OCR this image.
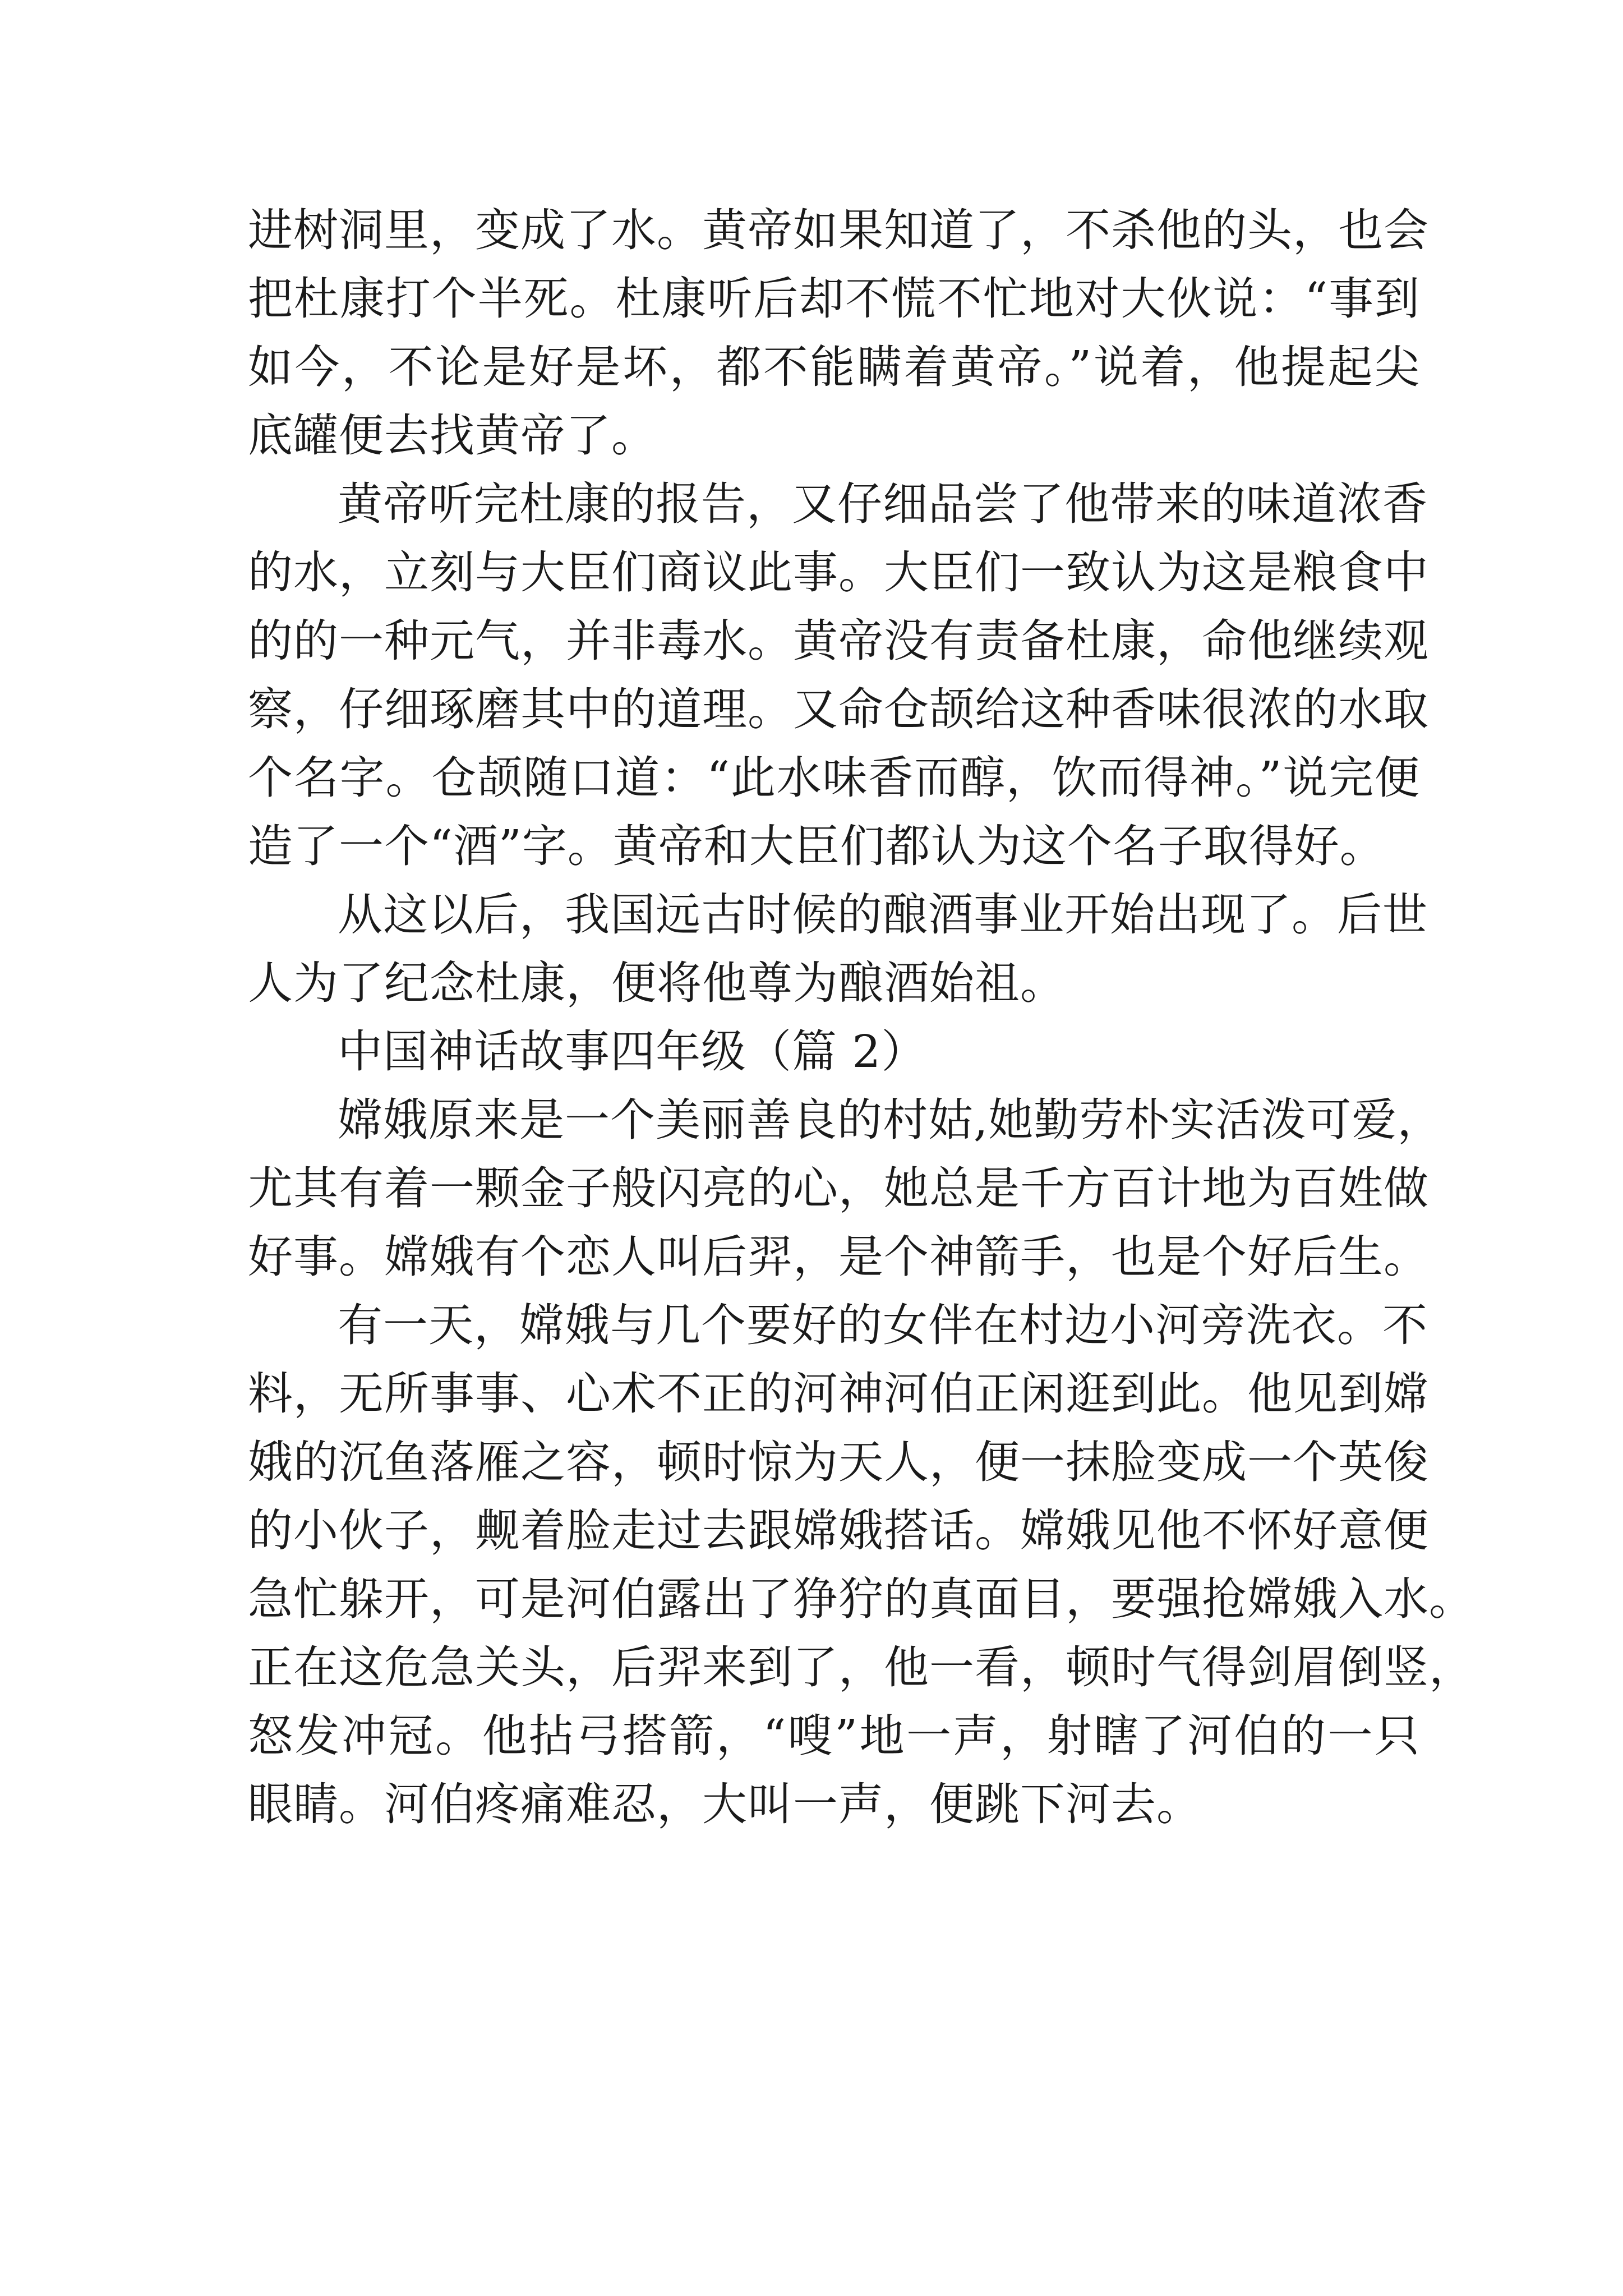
进树洞里，变成了水。黄帝如果知道了，不杀他的头，也会
把杜康打个半死。杜康听后却不慌不忙地对大伙说：“事到
如今，不论是好是坏，都不能瞒着黄帝。”说着，他提起尖
底罐便去找黄帝了。
黄帝听完杜康的报告，又仔细品尝了他带来的味道浓香
的水，立刻与大臣们商议此事。大臣们一致认为这是粮食中
的的一种元气，并非毒水。黄帝没有责备杜康，命他继续观
察，仔细琢磨其中的道理。又命仓颉给这种香味很浓的水取
个名字。仓颉随口道：“此水味香而醇，饮而得神。”说完便
造了一个“酒”字。黄帝和大臣们都认为这个名子取得好。
从这以后，我国远古时候的酿酒事业开始出现了。后世
人为了纪念杜康，便将他尊为酿酒始祖。
中国神话故事四年级（篇 2）
嫦娥原来是一个美丽善良的村姑,她勤劳朴实活泼可爱，
尤其有着一颗金子般闪亮的心，她总是千方百计地为百姓做
好事。嫦娥有个恋人叫后羿，是个神箭手，也是个好后生。
有一天，嫦娥与几个要好的女伴在村边小河旁洗衣。不
料，无所事事、心术不正的河神河伯正闲逛到此。他见到嫦
娥的沉鱼落雁之容，顿时惊为天人，便一抹脸变成一个英俊
的小伙子，觍着脸走过去跟嫦娥搭话。嫦娥见他不怀好意便
急忙躲开，可是河伯露出了狰狞的真面目，要强抢嫦娥入水。
正在这危急关头，后羿来到了，他一看，顿时气得剑眉倒竖，
怒发冲冠。他拈弓搭箭，“嗖”地一声，射瞎了河伯的一只
眼睛。河伯疼痛难忍，大叫一声，便跳下河去。
